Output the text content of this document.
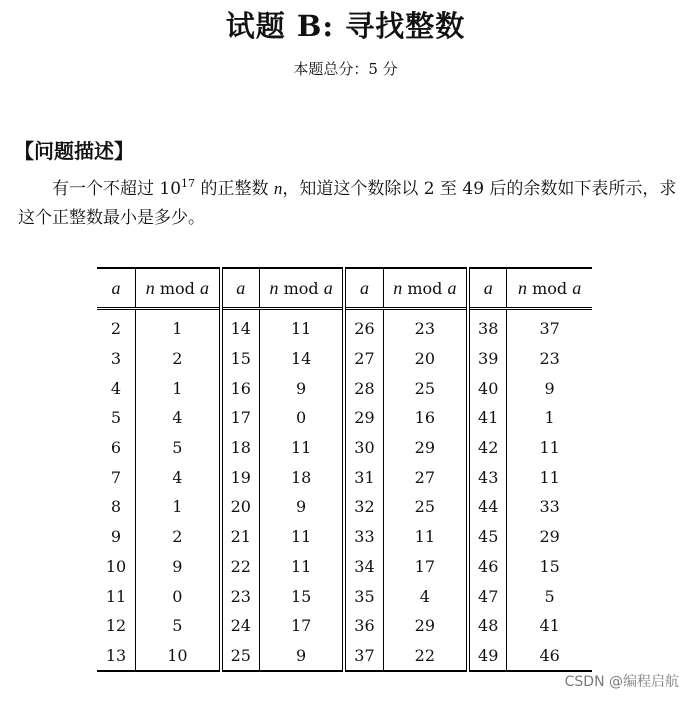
试题 B: 寻找整数
本题总分：5 分
【问题描述】
有一个不超过 $10^{17}$ 的正整数 n，知道这个数除以 2 至 49 后的余数如下表所示，求这个正整数最小是多少。
a	n mod a	a	n mod a	a	n mod a	a	n mod a
2	1	14	11	26	23	38	37
3	2	15	14	27	20	39	23
4	1	16	9	28	25	40	9
5	4	17	0	29	16	41	1
6	5	18	11	30	29	42	11
7	4	19	18	31	27	43	11
8	1	20	9	32	25	44	33
9	2	21	11	33	11	45	29
10	9	22	11	34	17	46	15
11	0	23	15	35	4	47	5
12	5	24	17	36	29	48	41
13	10	25	9	37	22	49	46
CSDN @编程启航
